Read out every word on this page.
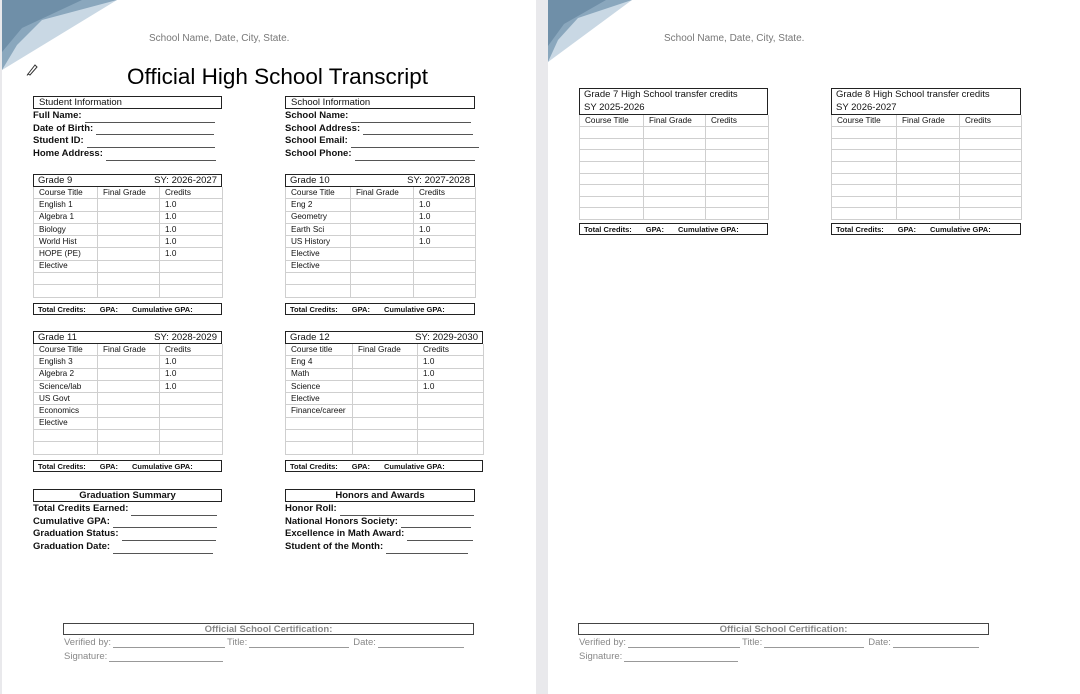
School Name, Date, City, State.
Official High School Transcript
Student Information
Full Name:
Date of Birth:
Student ID:
Home Address:
School Information
School Name:
School Address:
School Email:
School Phone:
Grade 9	SY: 2026-2027
Course Title	Final Grade	Credits
English 1		1.0
Algebra 1		1.0
Biology		1.0
World Hist		1.0
HOPE (PE)		1.0
Elective		

Total Credits: GPA: Cumulative GPA:
Grade 10	SY: 2027-2028
Course Title	Final Grade	Credits
Eng 2		1.0
Geometry		1.0
Earth Sci		1.0
US History		1.0
Elective		
Elective		

Total Credits: GPA: Cumulative GPA:
Grade 11	SY: 2028-2029
Course Title	Final Grade	Credits
English 3		1.0
Algebra 2		1.0
Science/lab		1.0
US Govt		
Economics		
Elective		

Total Credits: GPA: Cumulative GPA:
Grade 12	SY: 2029-2030
Course title	Final Grade	Credits
Eng 4		1.0
Math		1.0
Science		1.0
Elective		
Finance/career		

Total Credits: GPA: Cumulative GPA:
Graduation Summary
Total Credits Earned:
Cumulative GPA:
Graduation Status:
Graduation Date:
Honors and Awards
Honor Roll:
National Honors Society:
Excellence in Math Award:
Student of the Month:
Official School Certification:
Verified by:	Title:	Date:
Signature:
School Name, Date, City, State.
Grade 7 High School transfer credits
SY 2025-2026
Course Title	Final Grade	Credits

Total Credits: GPA: Cumulative GPA:
Grade 8 High School transfer credits
SY 2026-2027
Course Title	Final Grade	Credits

Total Credits: GPA: Cumulative GPA:
Official School Certification:
Verified by:	Title:	Date:
Signature:
